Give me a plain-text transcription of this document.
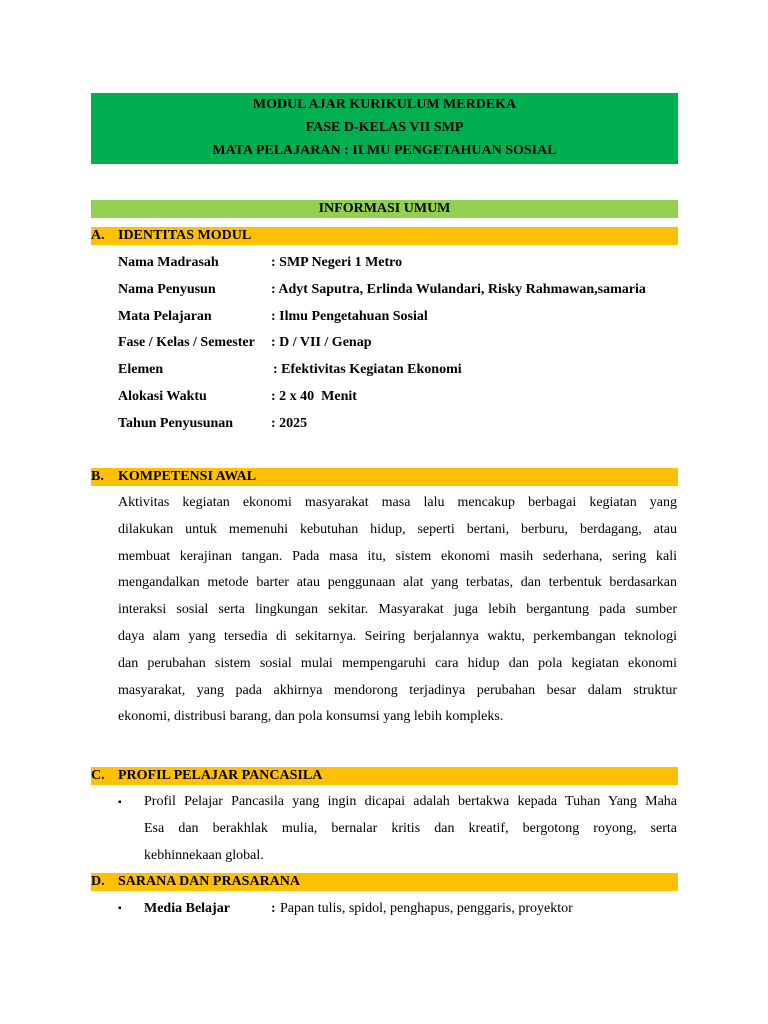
MODUL AJAR KURIKULUM MERDEKA
FASE D-KELAS VII SMP
MATA PELAJARAN : ILMU PENGETAHUAN SOSIAL
INFORMASI UMUM
A. IDENTITAS MODUL
Nama Madrasah	: SMP Negeri 1 Metro
Nama Penyusun	: Adyt Saputra, Erlinda Wulandari, Risky Rahmawan,samaria
Mata Pelajaran	: Ilmu Pengetahuan Sosial
Fase / Kelas / Semester : D / VII / Genap
Elemen	: Efektivitas Kegiatan Ekonomi
Alokasi Waktu	: 2 x 40  Menit
Tahun Penyusunan	: 2025
B. KOMPETENSI AWAL
Aktivitas kegiatan ekonomi masyarakat masa lalu mencakup berbagai kegiatan yang
dilakukan untuk memenuhi kebutuhan hidup, seperti bertani, berburu, berdagang, atau
membuat kerajinan tangan. Pada masa itu, sistem ekonomi masih sederhana, sering kali
mengandalkan metode barter atau penggunaan alat yang terbatas, dan terbentuk berdasarkan
interaksi sosial serta lingkungan sekitar. Masyarakat juga lebih bergantung pada sumber
daya alam yang tersedia di sekitarnya. Seiring berjalannya waktu, perkembangan teknologi
dan perubahan sistem sosial mulai mempengaruhi cara hidup dan pola kegiatan ekonomi
masyarakat, yang pada akhirnya mendorong terjadinya perubahan besar dalam struktur
ekonomi, distribusi barang, dan pola konsumsi yang lebih kompleks.
C. PROFIL PELAJAR PANCASILA
▪	Profil Pelajar Pancasila yang ingin dicapai adalah bertakwa kepada Tuhan Yang Maha
Esa dan berakhlak mulia, bernalar kritis dan kreatif, bergotong royong, serta
kebhinnekaan global.
D. SARANA DAN PRASARANA
▪	Media Belajar	: Papan tulis, spidol, penghapus, penggaris, proyektor
